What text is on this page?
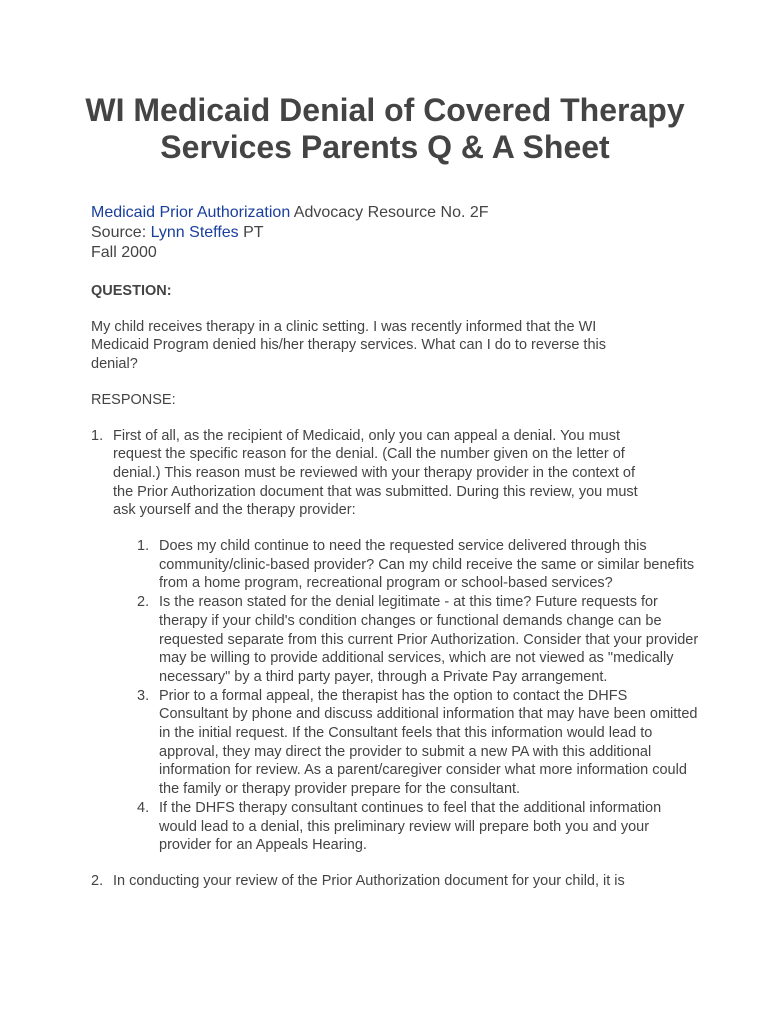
WI Medicaid Denial of Covered Therapy
Services Parents Q & A Sheet
Medicaid Prior Authorization Advocacy Resource No. 2F
Source: Lynn Steffes PT
Fall 2000
QUESTION:

My child receives therapy in a clinic setting. I was recently informed that the WI Medicaid Program denied his/her therapy services. What can I do to reverse this denial?

RESPONSE:

1. First of all, as the recipient of Medicaid, only you can appeal a denial. You must request the specific reason for the denial. (Call the number given on the letter of denial.) This reason must be reviewed with your therapy provider in the context of the Prior Authorization document that was submitted. During this review, you must ask yourself and the therapy provider:
1. Does my child continue to need the requested service delivered through this community/clinic-based provider? Can my child receive the same or similar benefits from a home program, recreational program or school-based services?
2. Is the reason stated for the denial legitimate - at this time? Future requests for therapy if your child's condition changes or functional demands change can be requested separate from this current Prior Authorization. Consider that your provider may be willing to provide additional services, which are not viewed as "medically necessary" by a third party payer, through a Private Pay arrangement.
3. Prior to a formal appeal, the therapist has the option to contact the DHFS Consultant by phone and discuss additional information that may have been omitted in the initial request. If the Consultant feels that this information would lead to approval, they may direct the provider to submit a new PA with this additional information for review. As a parent/caregiver consider what more information could the family or therapy provider prepare for the consultant.
4. If the DHFS therapy consultant continues to feel that the additional information would lead to a denial, this preliminary review will prepare both you and your provider for an Appeals Hearing.
2. In conducting your review of the Prior Authorization document for your child, it is
